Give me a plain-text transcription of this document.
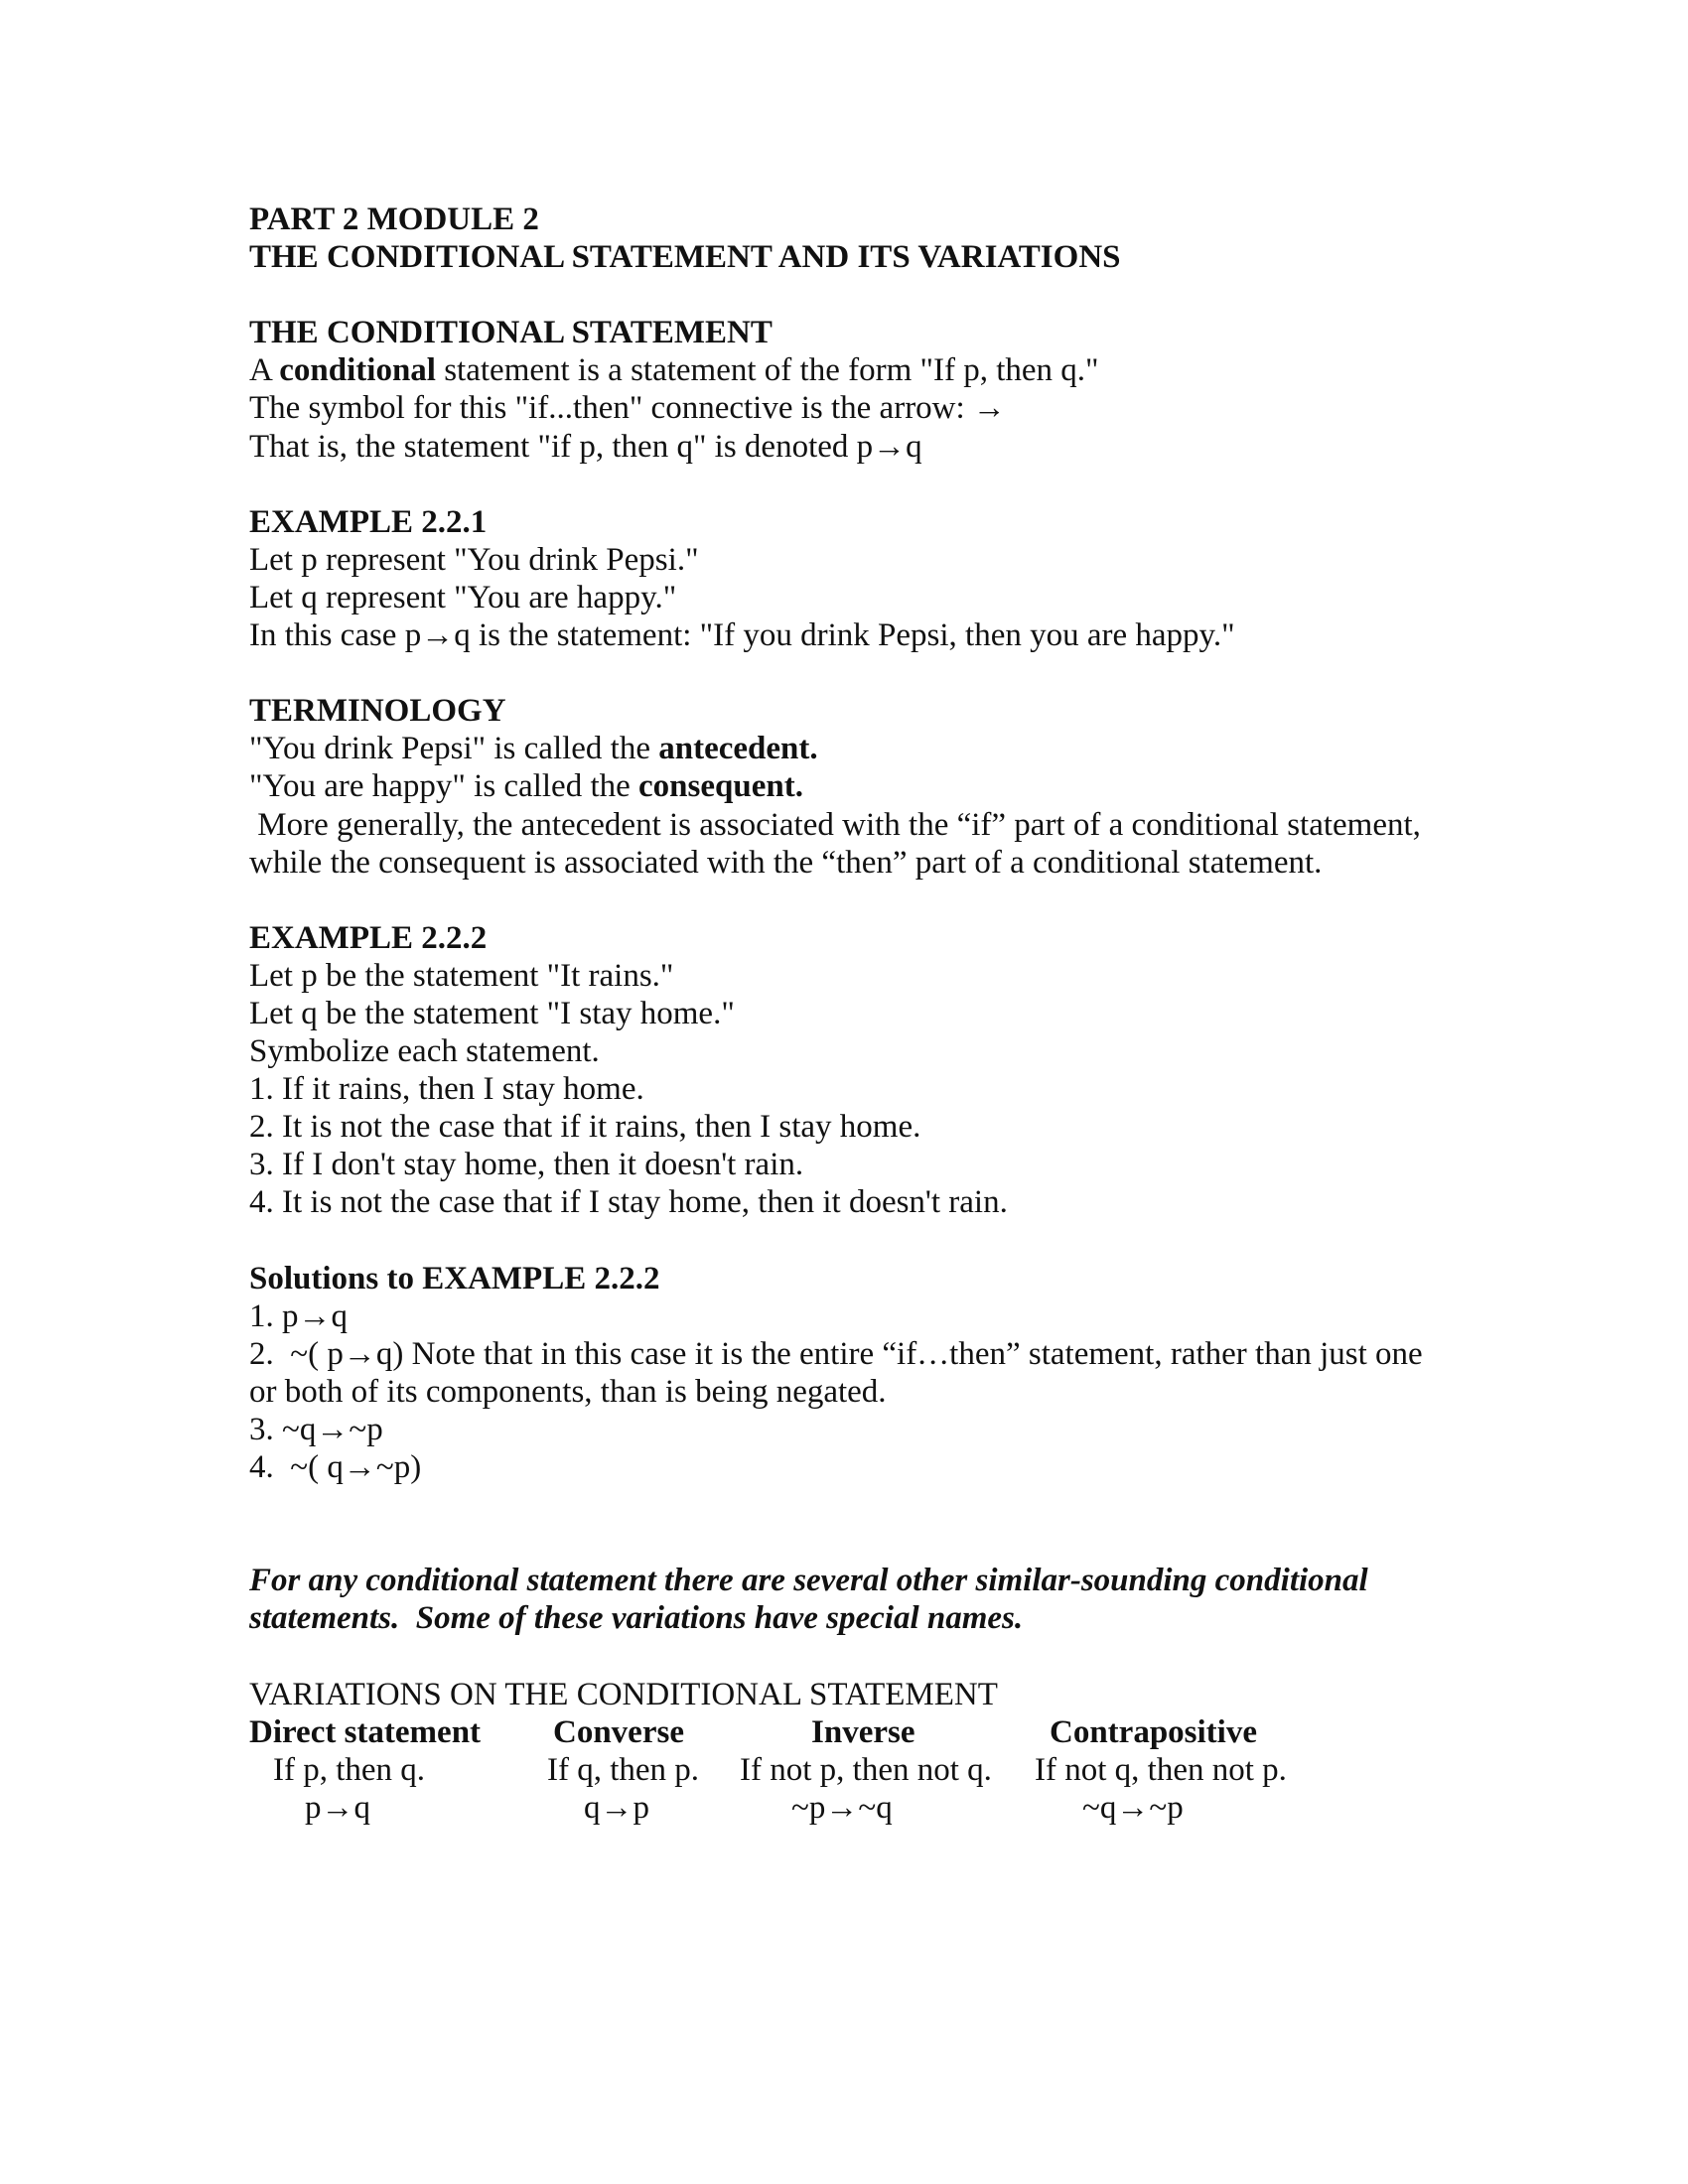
PART 2 MODULE 2
THE CONDITIONAL STATEMENT AND ITS VARIATIONS
THE CONDITIONAL STATEMENT
A conditional statement is a statement of the form "If p, then q."
The symbol for this "if...then" connective is the arrow: →
That is, the statement "if p, then q" is denoted p→q
EXAMPLE 2.2.1
Let p represent "You drink Pepsi."
Let q represent "You are happy."
In this case p→q is the statement: "If you drink Pepsi, then you are happy."
TERMINOLOGY
"You drink Pepsi" is called the antecedent.
"You are happy" is called the consequent.
More generally, the antecedent is associated with the “if” part of a conditional statement,
while the consequent is associated with the “then” part of a conditional statement.
EXAMPLE 2.2.2
Let p be the statement "It rains."
Let q be the statement "I stay home."
Symbolize each statement.
1. If it rains, then I stay home.
2. It is not the case that if it rains, then I stay home.
3. If I don't stay home, then it doesn't rain.
4. It is not the case that if I stay home, then it doesn't rain.
Solutions to EXAMPLE 2.2.2
1. p→q
2.  ~( p→q) Note that in this case it is the entire “if…then” statement, rather than just one
or both of its components, than is being negated.
3. ~q→~p
4.  ~( q→~p)
For any conditional statement there are several other similar-sounding conditional
statements.  Some of these variations have special names.
VARIATIONS ON THE CONDITIONAL STATEMENT
Direct statement Converse	Inverse	Contrapositive
If p, then q.	If q, then p. If not p, then not q. If not q, then not p.
p→q	q→p	~p→~q	~q→~p
